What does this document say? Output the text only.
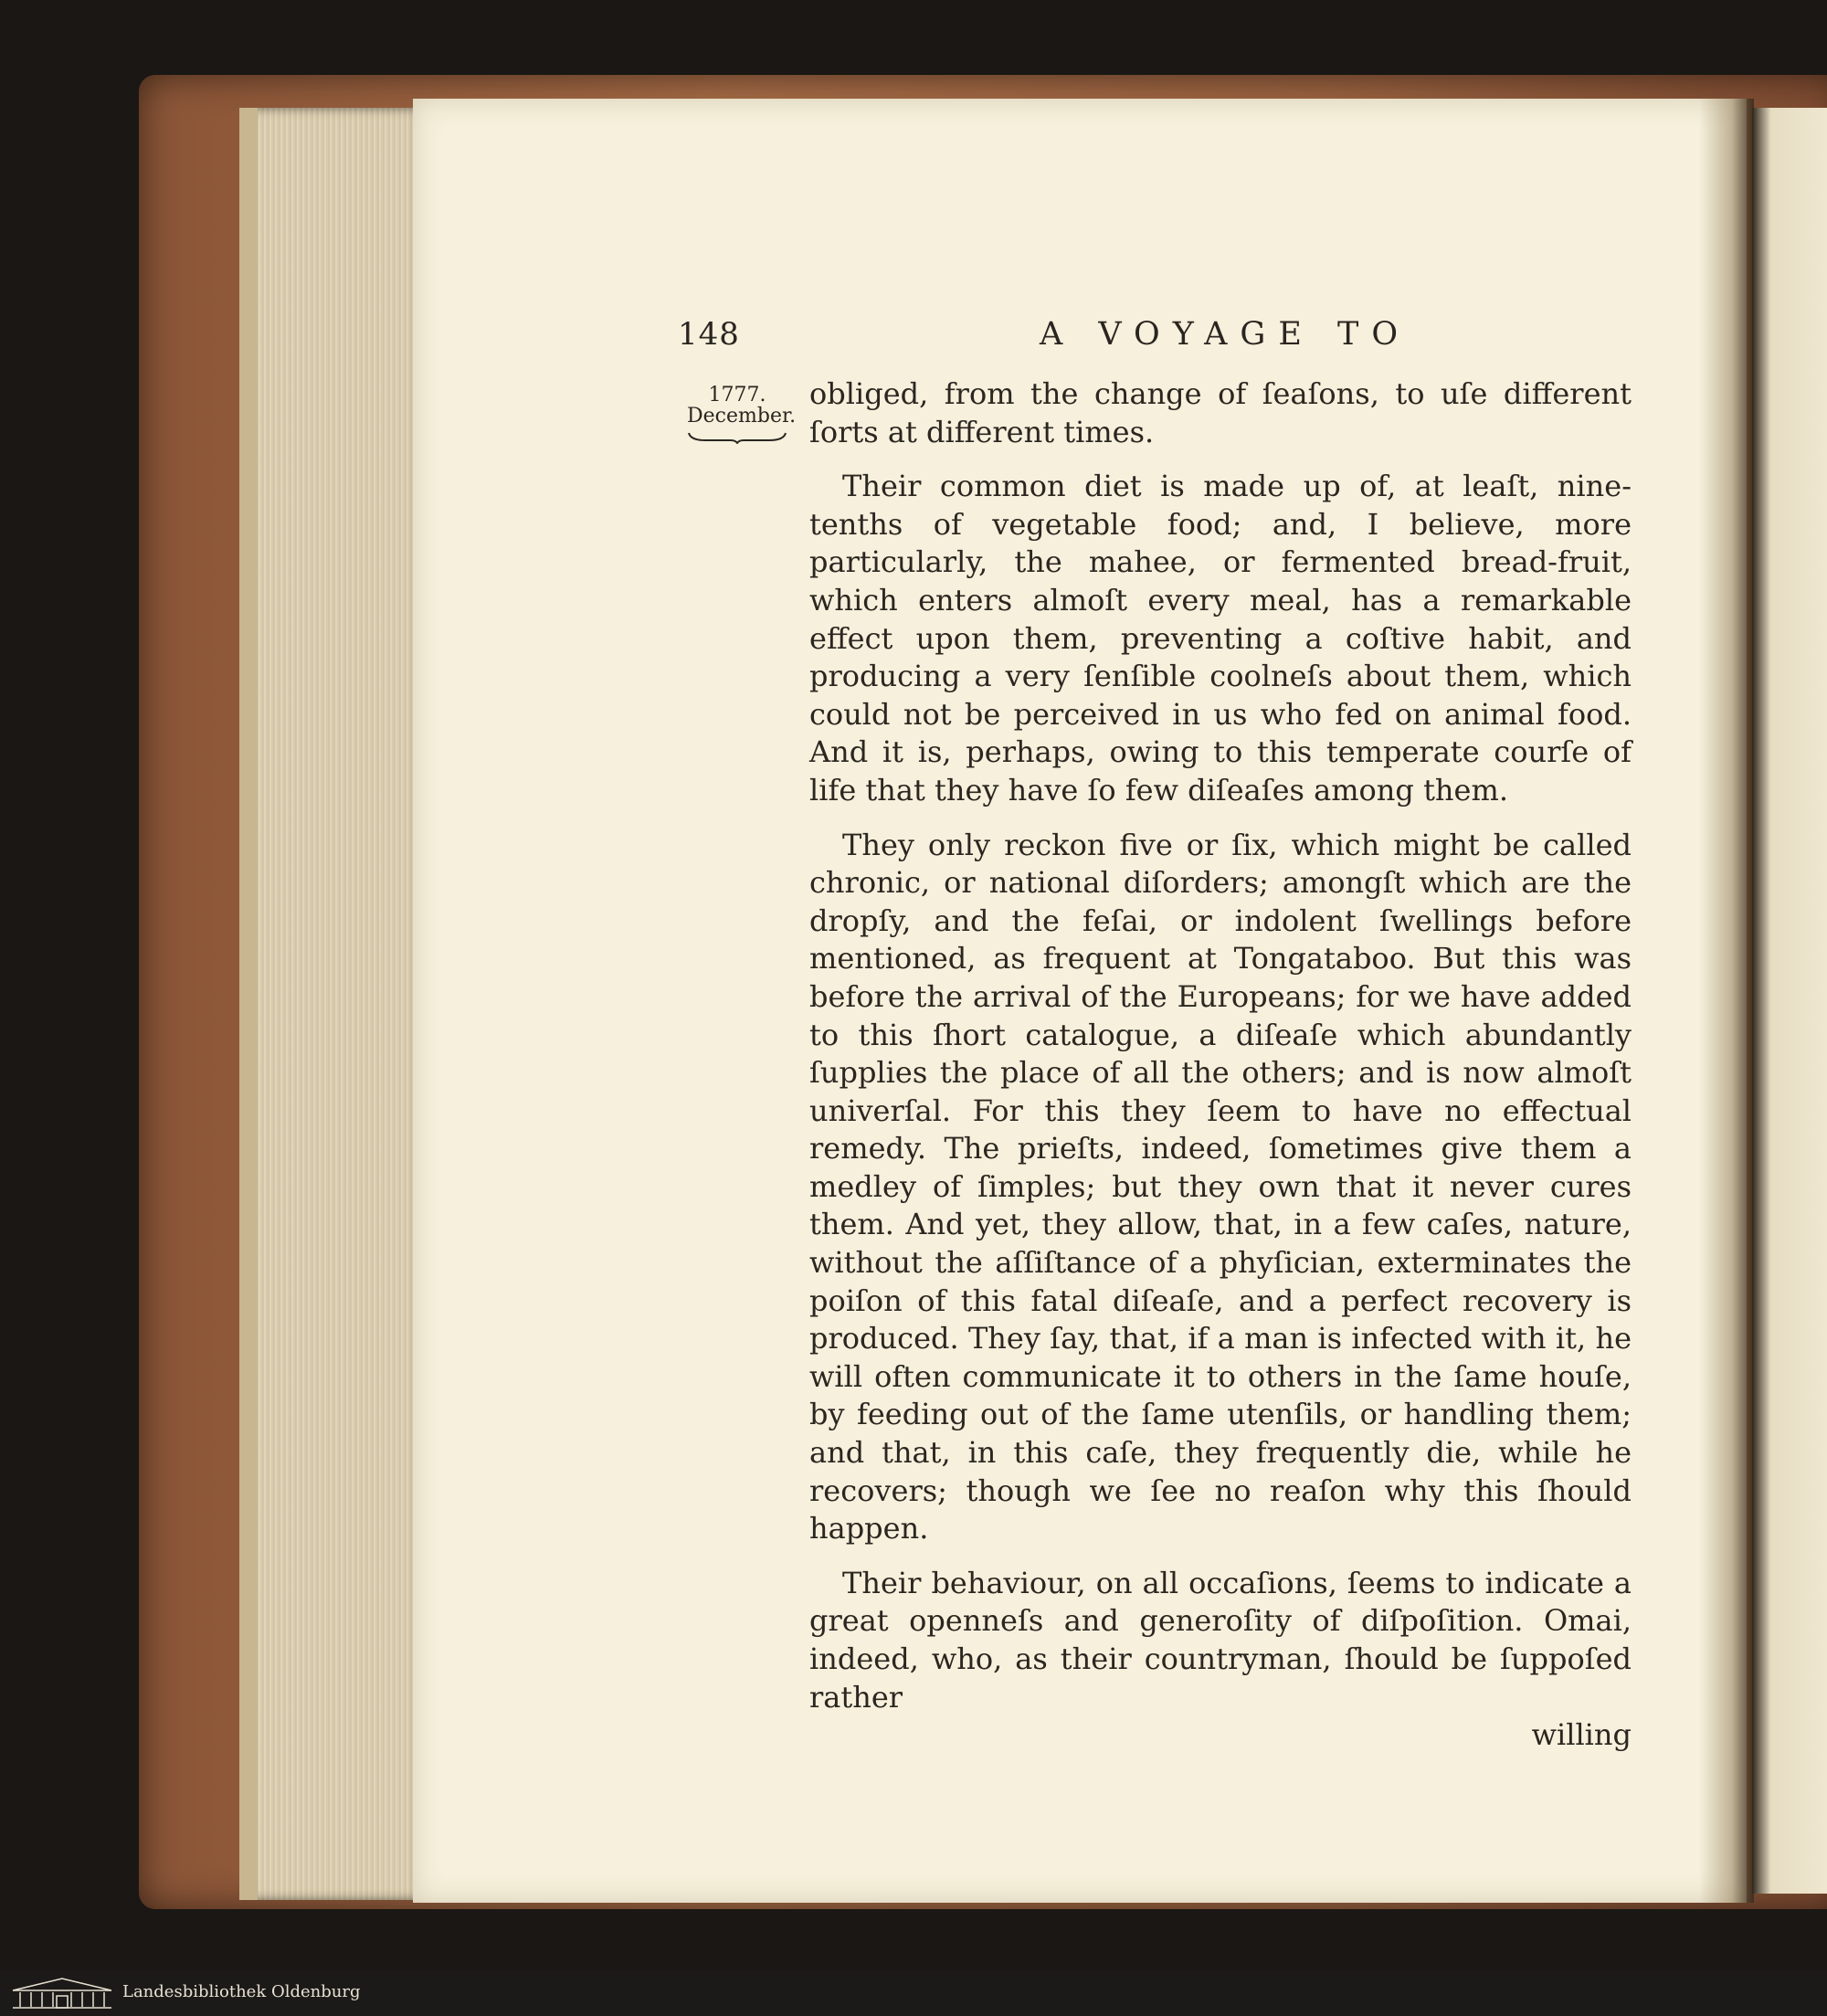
148	A VOYAGE TO
1777.
December.

obliged, from the change of ſeaſons, to uſe different ſorts at different times.

Their common diet is made up of, at leaſt, nine-tenths of vegetable food; and, I believe, more particularly, the mahee, or fermented bread-fruit, which enters almoſt every meal, has a remarkable effect upon them, preventing a coſtive habit, and producing a very ſenſible coolneſs about them, which could not be perceived in us who fed on animal food. And it is, perhaps, owing to this temperate courſe of life that they have ſo few diſeaſes among them.

They only reckon five or ſix, which might be called chronic, or national diſorders; amongſt which are the dropſy, and the feſai, or indolent ſwellings before mentioned, as frequent at Tongataboo. But this was before the arrival of the Europeans; for we have added to this ſhort catalogue, a diſeaſe which abundantly ſupplies the place of all the others; and is now almoſt univerſal. For this they ſeem to have no effectual remedy. The prieſts, indeed, ſometimes give them a medley of ſimples; but they own that it never cures them. And yet, they allow, that, in a few caſes, nature, without the aſſiſtance of a phyſician, exterminates the poiſon of this fatal diſeaſe, and a perfect recovery is produced. They ſay, that, if a man is infected with it, he will often communicate it to others in the ſame houſe, by feeding out of the ſame utenſils, or handling them; and that, in this caſe, they frequently die, while he recovers; though we ſee no reaſon why this ſhould happen.

Their behaviour, on all occaſions, ſeems to indicate a great openneſs and generoſity of diſpoſition. Omai, indeed, who, as their countryman, ſhould be ſuppoſed rather

willing
Landesbibliothek Oldenburg
